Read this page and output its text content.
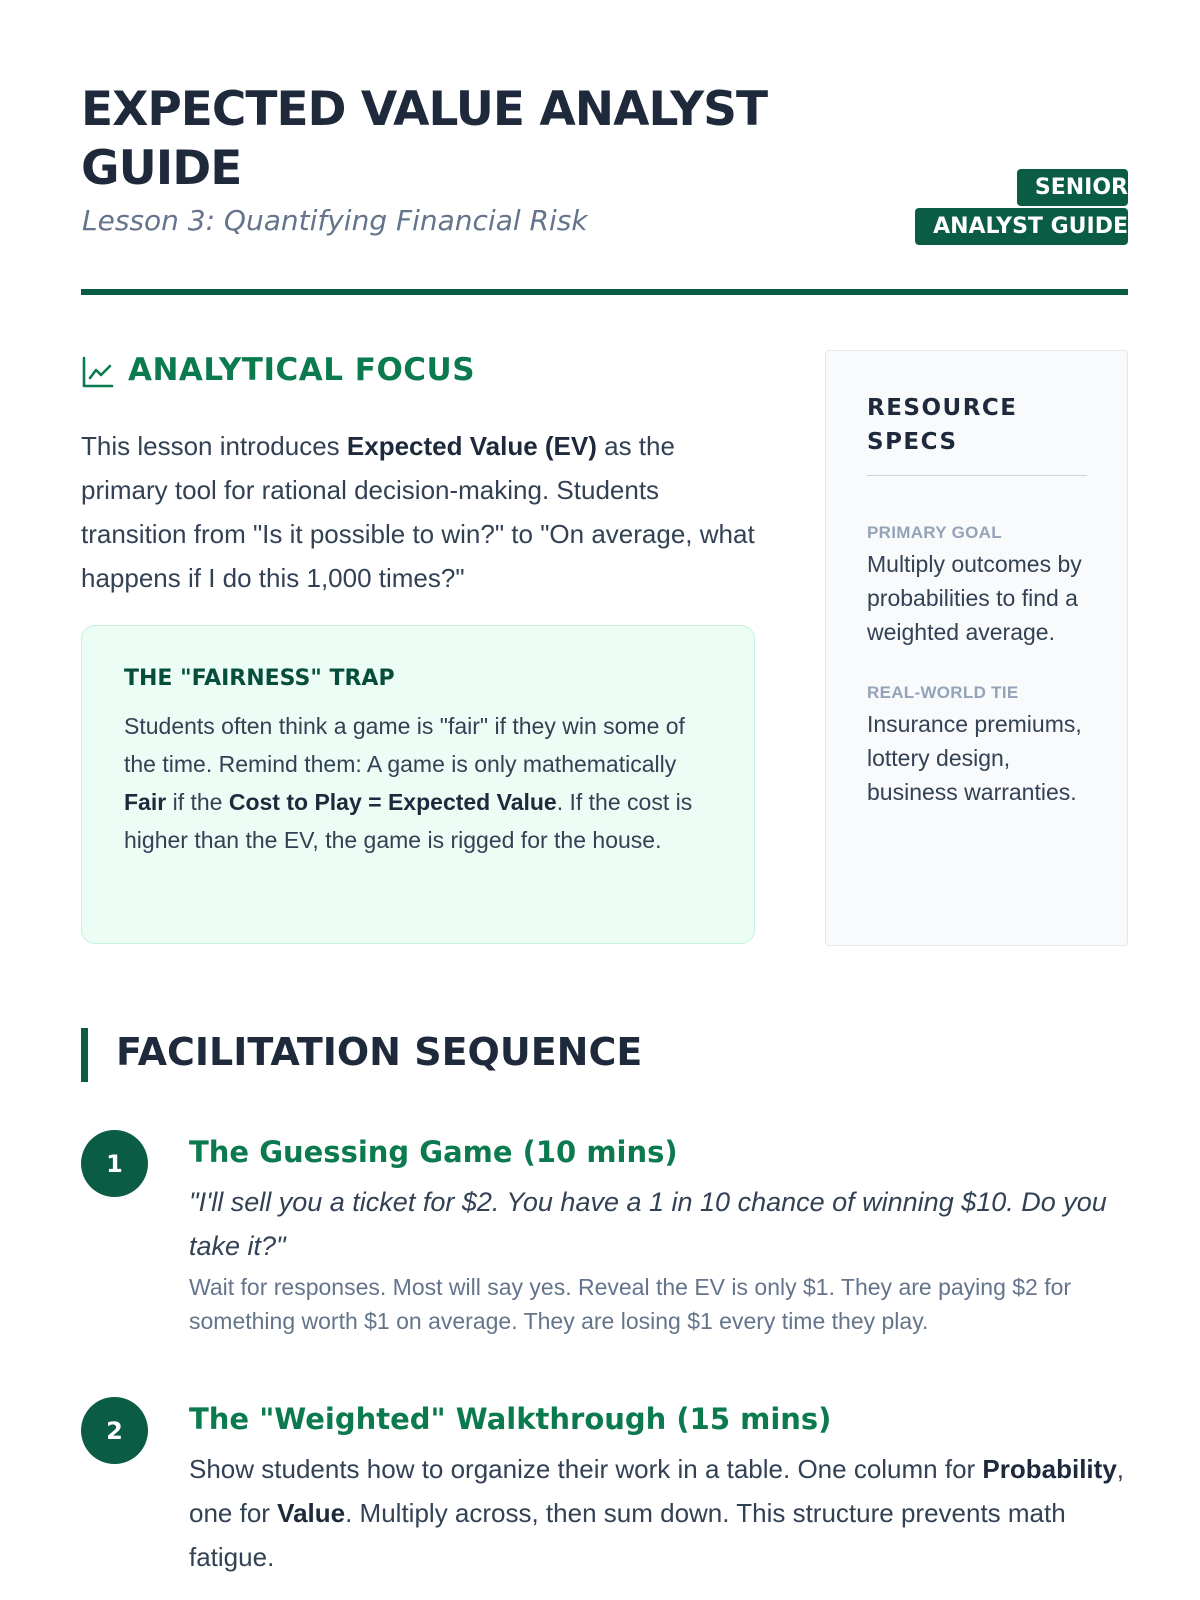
EXPECTED VALUE ANALYST GUIDE
Lesson 3: Quantifying Financial Risk
SENIOR ANALYST GUIDE
ANALYTICAL FOCUS

This lesson introduces Expected Value (EV) as the primary tool for rational decision-making. Students transition from "Is it possible to win?" to "On average, what happens if I do this 1,000 times?"

THE "FAIRNESS" TRAP

Students often think a game is "fair" if they win some of the time. Remind them: A game is only mathematically Fair if the Cost to Play = Expected Value. If the cost is higher than the EV, the game is rigged for the house.

RESOURCE SPECS
PRIMARY GOAL
Multiply outcomes by probabilities to find a weighted average.
REAL-WORLD TIE
Insurance premiums, lottery design, business warranties.
FACILITATION SEQUENCE
1	The Guessing Game (10 mins)

"I'll sell you a ticket for $2. You have a 1 in 10 chance of winning $10. Do you take it?"

Wait for responses. Most will say yes. Reveal the EV is only $1. They are paying $2 for something worth $1 on average. They are losing $1 every time they play.

2	The "Weighted" Walkthrough (15 mins)

Show students how to organize their work in a table. One column for Probability, one for Value. Multiply across, then sum down. This structure prevents math fatigue.
